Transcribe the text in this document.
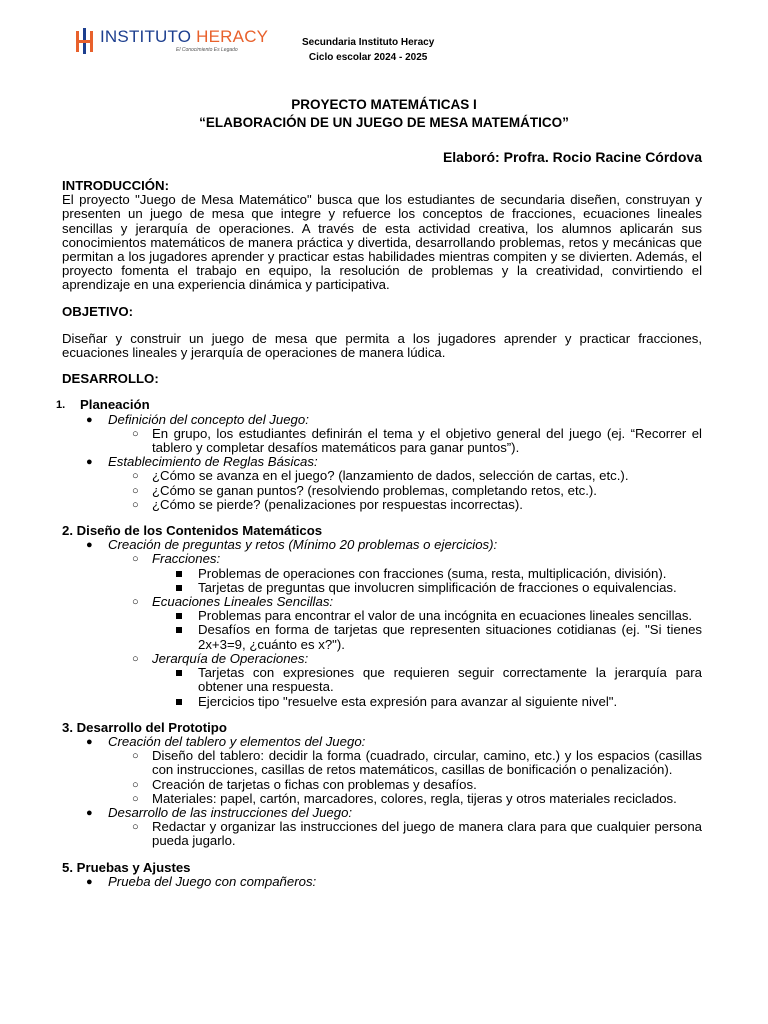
INSTITUTO HERACY
El Conocimiento Es Legado
Secundaria Instituto Heracy
Ciclo escolar 2024 - 2025
PROYECTO MATEMÁTICAS I
“ELABORACIÓN DE UN JUEGO DE MESA MATEMÁTICO”
Elaboró: Profra. Rocio Racine Córdova
INTRODUCCIÓN:
El proyecto "Juego de Mesa Matemático" busca que los estudiantes de secundaria diseñen, construyan y presenten un juego de mesa que integre y refuerce los conceptos de fracciones, ecuaciones lineales sencillas y jerarquía de operaciones. A través de esta actividad creativa, los alumnos aplicarán sus conocimientos matemáticos de manera práctica y divertida, desarrollando problemas, retos y mecánicas que permitan a los jugadores aprender y practicar estas habilidades mientras compiten y se divierten. Además, el proyecto fomenta el trabajo en equipo, la resolución de problemas y la creatividad, convirtiendo el aprendizaje en una experiencia dinámica y participativa.
OBJETIVO:
Diseñar y construir un juego de mesa que permita a los jugadores aprender y practicar fracciones, ecuaciones lineales y jerarquía de operaciones de manera lúdica.
DESARROLLO:
1. Planeación
● Definición del concepto del Juego:
○ En grupo, los estudiantes definirán el tema y el objetivo general del juego (ej. “Recorrer el tablero y completar desafíos matemáticos para ganar puntos”).
● Establecimiento de Reglas Básicas:
○ ¿Cómo se avanza en el juego? (lanzamiento de dados, selección de cartas, etc.).
○ ¿Cómo se ganan puntos? (resolviendo problemas, completando retos, etc.).
○ ¿Cómo se pierde? (penalizaciones por respuestas incorrectas).
2. Diseño de los Contenidos Matemáticos
● Creación de preguntas y retos (Mínimo 20 problemas o ejercicios):
○ Fracciones:
Problemas de operaciones con fracciones (suma, resta, multiplicación, división).
Tarjetas de preguntas que involucren simplificación de fracciones o equivalencias.
○ Ecuaciones Lineales Sencillas:
Problemas para encontrar el valor de una incógnita en ecuaciones lineales sencillas.
Desafíos en forma de tarjetas que representen situaciones cotidianas (ej. "Si tienes 2x+3=9, ¿cuánto es x?").
○ Jerarquía de Operaciones:
Tarjetas con expresiones que requieren seguir correctamente la jerarquía para obtener una respuesta.
Ejercicios tipo "resuelve esta expresión para avanzar al siguiente nivel".
3. Desarrollo del Prototipo
● Creación del tablero y elementos del Juego:
○ Diseño del tablero: decidir la forma (cuadrado, circular, camino, etc.) y los espacios (casillas con instrucciones, casillas de retos matemáticos, casillas de bonificación o penalización).
○ Creación de tarjetas o fichas con problemas y desafíos.
○ Materiales: papel, cartón, marcadores, colores, regla, tijeras y otros materiales reciclados.
● Desarrollo de las instrucciones del Juego:
○ Redactar y organizar las instrucciones del juego de manera clara para que cualquier persona pueda jugarlo.
5. Pruebas y Ajustes
● Prueba del Juego con compañeros:
